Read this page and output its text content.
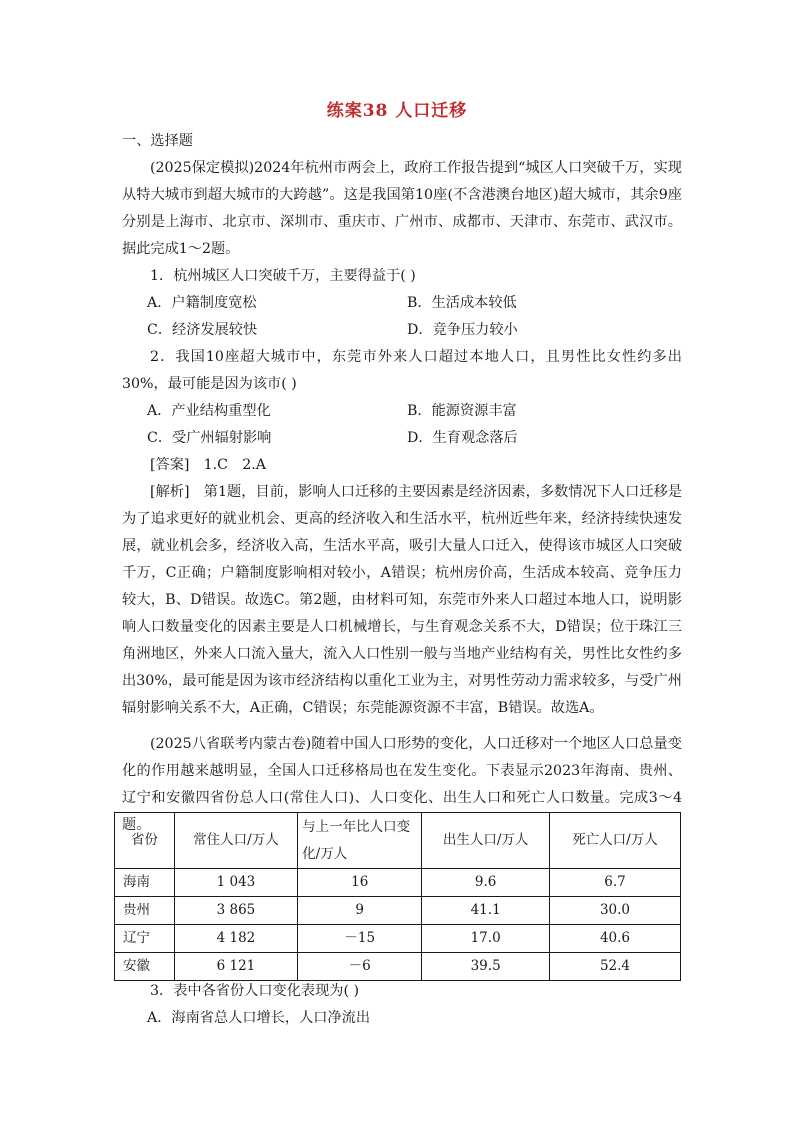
练案38 人口迁移
一、选择题
(2025保定模拟)2024年杭州市两会上，政府工作报告提到“城区人口突破千万，实现从特大城市到超大城市的大跨越”。这是我国第10座(不含港澳台地区)超大城市，其余9座分别是上海市、北京市、深圳市、重庆市、广州市、成都市、天津市、东莞市、武汉市。据此完成1～2题。
1．杭州城区人口突破千万，主要得益于( )
A．户籍制度宽松	B．生活成本较低
C．经济发展较快	D．竞争压力较小
2．我国10座超大城市中，东莞市外来人口超过本地人口，且男性比女性约多出30%，最可能是因为该市( )
A．产业结构重型化	B．能源资源丰富
C．受广州辐射影响	D．生育观念落后
[答案]　1.C　2.A
[解析]　第1题，目前，影响人口迁移的主要因素是经济因素，多数情况下人口迁移是为了追求更好的就业机会、更高的经济收入和生活水平，杭州近些年来，经济持续快速发展，就业机会多，经济收入高，生活水平高，吸引大量人口迁入，使得该市城区人口突破千万，C正确；户籍制度影响相对较小，A错误；杭州房价高，生活成本较高、竞争压力较大，B、D错误。故选C。第2题，由材料可知，东莞市外来人口超过本地人口，说明影响人口数量变化的因素主要是人口机械增长，与生育观念关系不大，D错误；位于珠江三角洲地区，外来人口流入量大，流入人口性别一般与当地产业结构有关，男性比女性约多出30%，最可能是因为该市经济结构以重化工业为主，对男性劳动力需求较多，与受广州辐射影响关系不大，A正确，C错误；东莞能源资源不丰富，B错误。故选A。
(2025八省联考内蒙古卷)随着中国人口形势的变化，人口迁移对一个地区人口总量变化的作用越来越明显，全国人口迁移格局也在发生变化。下表显示2023年海南、贵州、辽宁和安徽四省份总人口(常住人口)、人口变化、出生人口和死亡人口数量。完成3～4题。
省份	常住人口/万人	与上一年比人口变化/万人	出生人口/万人	死亡人口/万人
海南	1 043	16	9.6	6.7
贵州	3 865	9	41.1	30.0
辽宁	4 182	－15	17.0	40.6
安徽	6 121	－6	39.5	52.4
3．表中各省份人口变化表现为( )
A．海南省总人口增长，人口净流出
